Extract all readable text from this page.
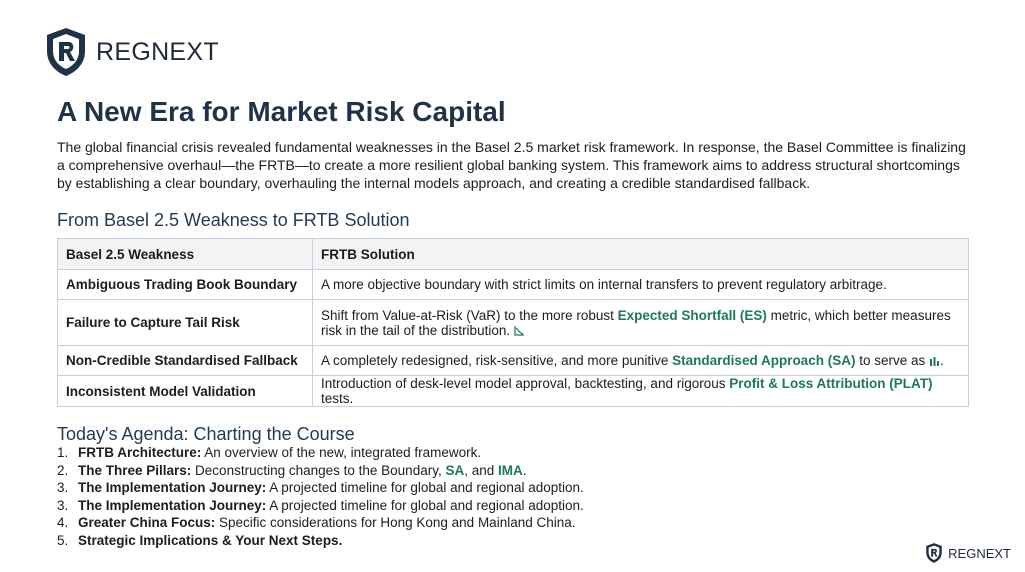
REGNEXT
A New Era for Market Risk Capital

The global financial crisis revealed fundamental weaknesses in the Basel 2.5 market risk framework. In response, the Basel Committee is finalizing a comprehensive overhaul—the FRTB—to create a more resilient global banking system. This framework aims to address structural shortcomings by establishing a clear boundary, overhauling the internal models approach, and creating a credible standardised fallback.

From Basel 2.5 Weakness to FRTB Solution
Basel 2.5 Weakness	FRTB Solution
Ambiguous Trading Book Boundary	A more objective boundary with strict limits on internal transfers to prevent regulatory arbitrage.
Failure to Capture Tail Risk	Shift from Value-at-Risk (VaR) to the more robust Expected Shortfall (ES) metric, which better measures risk in the tail of the distribution.
Non-Credible Standardised Fallback	A completely redesigned, risk-sensitive, and more punitive Standardised Approach (SA) to serve as .
Inconsistent Model Validation	Introduction of desk-level model approval, backtesting, and rigorous Profit & Loss Attribution (PLAT) tests.
Today's Agenda: Charting the Course
1. FRTB Architecture: An overview of the new, integrated framework.
2. The Three Pillars: Deconstructing changes to the Boundary, SA, and IMA.
3. The Implementation Journey: A projected timeline for global and regional adoption.
3. The Implementation Journey: A projected timeline for global and regional adoption.
4. Greater China Focus: Specific considerations for Hong Kong and Mainland China.
5. Strategic Implications & Your Next Steps.
REGNEXT
